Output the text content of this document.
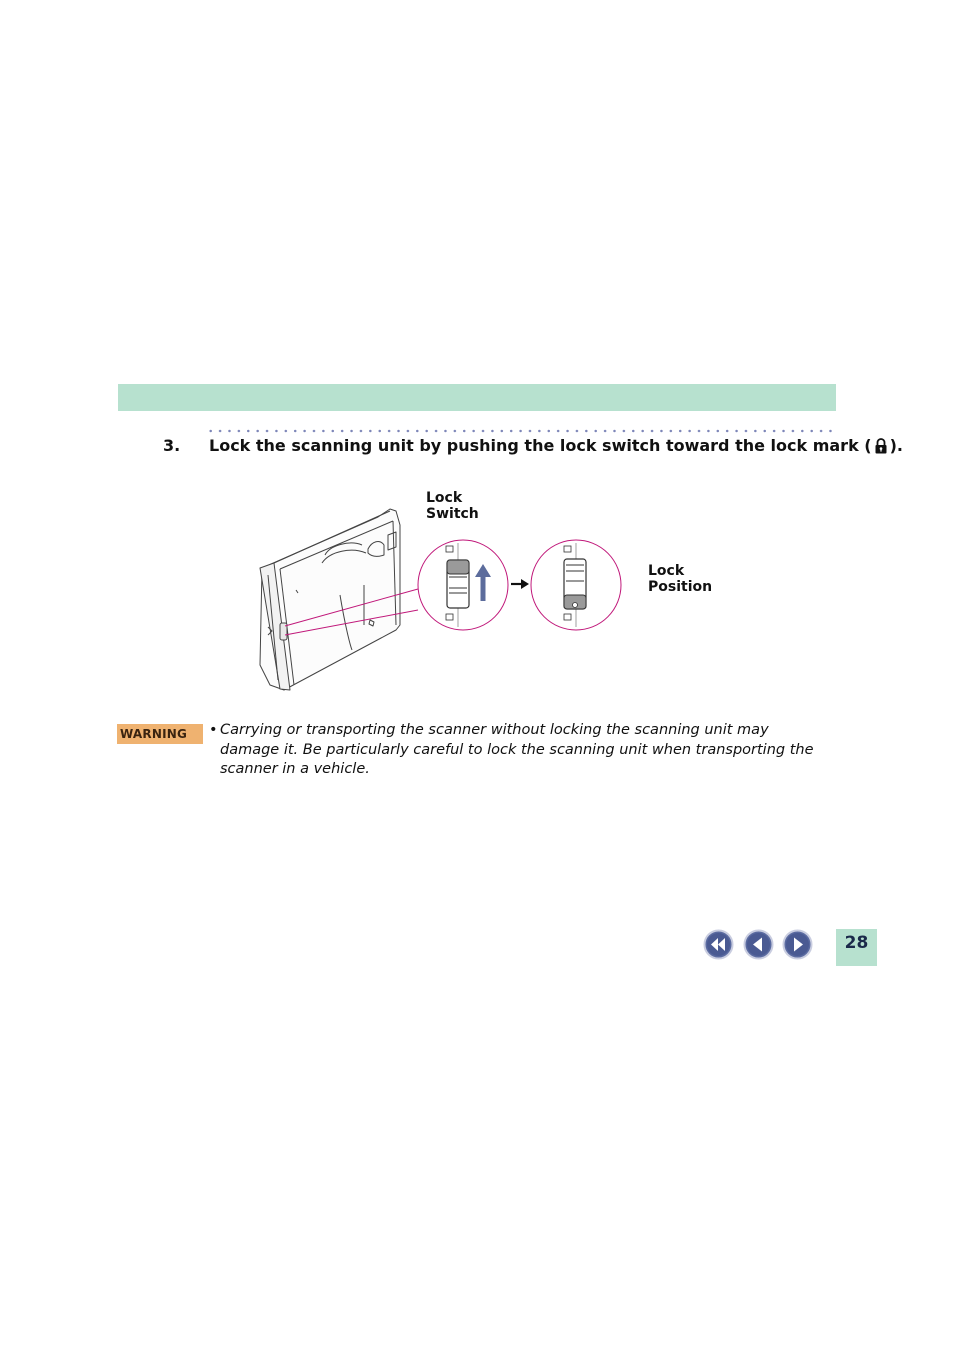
3. Lock the scanning unit by pushing the lock switch toward the lock mark ( ).
Lock
Switch
Lock
Position
WARNING	• Carrying or transporting the scanner without locking the scanning unit may damage it. Be particularly careful to lock the scanning unit when transporting the scanner in a vehicle.
28
